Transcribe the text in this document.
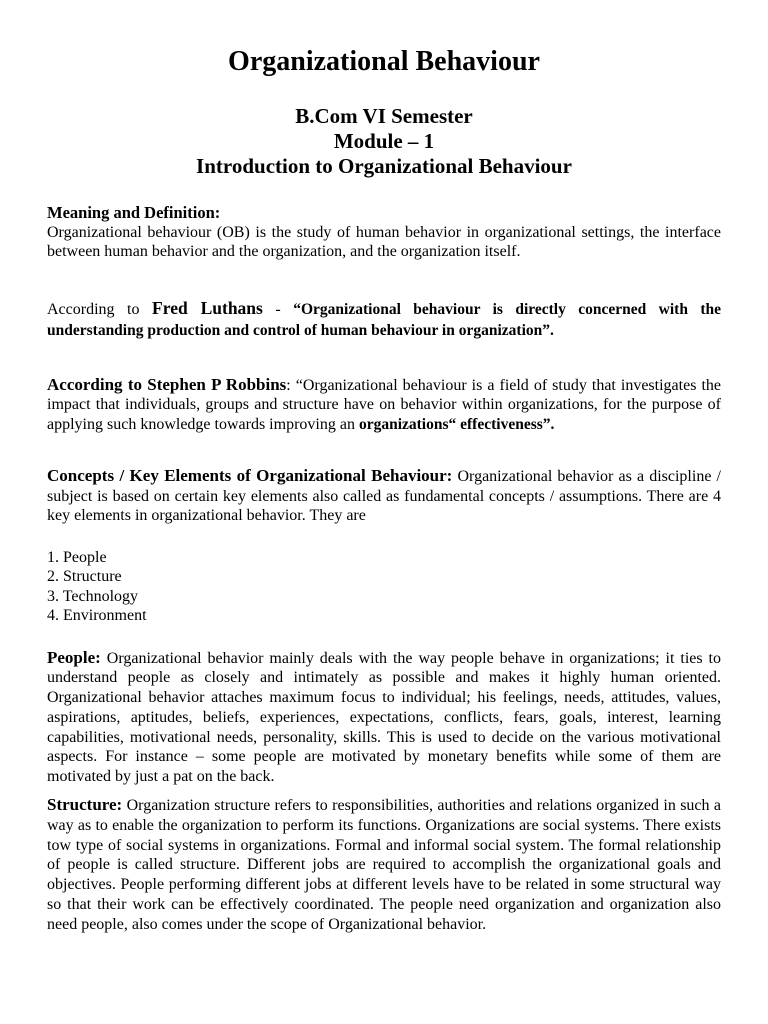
Organizational Behaviour
B.Com VI Semester
Module – 1
Introduction to Organizational Behaviour

Meaning and Definition:
Organizational behaviour (OB) is the study of human behavior in organizational settings, the interface between human behavior and the organization, and the organization itself.

According to Fred Luthans - “Organizational behaviour is directly concerned with the understanding production and control of human behaviour in organization”.

According to Stephen P Robbins: “Organizational behaviour is a field of study that investigates the impact that individuals, groups and structure have on behavior within organizations, for the purpose of applying such knowledge towards improving an organizations“ effectiveness”.

Concepts / Key Elements of Organizational Behaviour: Organizational behavior as a discipline / subject is based on certain key elements also called as fundamental concepts / assumptions. There are 4 key elements in organizational behavior. They are

1. People
2. Structure
3. Technology
4. Environment

People: Organizational behavior mainly deals with the way people behave in organizations; it ties to understand people as closely and intimately as possible and makes it highly human oriented. Organizational behavior attaches maximum focus to individual; his feelings, needs, attitudes, values, aspirations, aptitudes, beliefs, experiences, expectations, conflicts, fears, goals, interest, learning capabilities, motivational needs, personality, skills. This is used to decide on the various motivational aspects. For instance – some people are motivated by monetary benefits while some of them are motivated by just a pat on the back.

Structure: Organization structure refers to responsibilities, authorities and relations organized in such a way as to enable the organization to perform its functions. Organizations are social systems. There exists tow type of social systems in organizations. Formal and informal social system. The formal relationship of people is called structure. Different jobs are required to accomplish the organizational goals and objectives. People performing different jobs at different levels have to be related in some structural way so that their work can be effectively coordinated. The people need organization and organization also need people, also comes under the scope of Organizational behavior.
